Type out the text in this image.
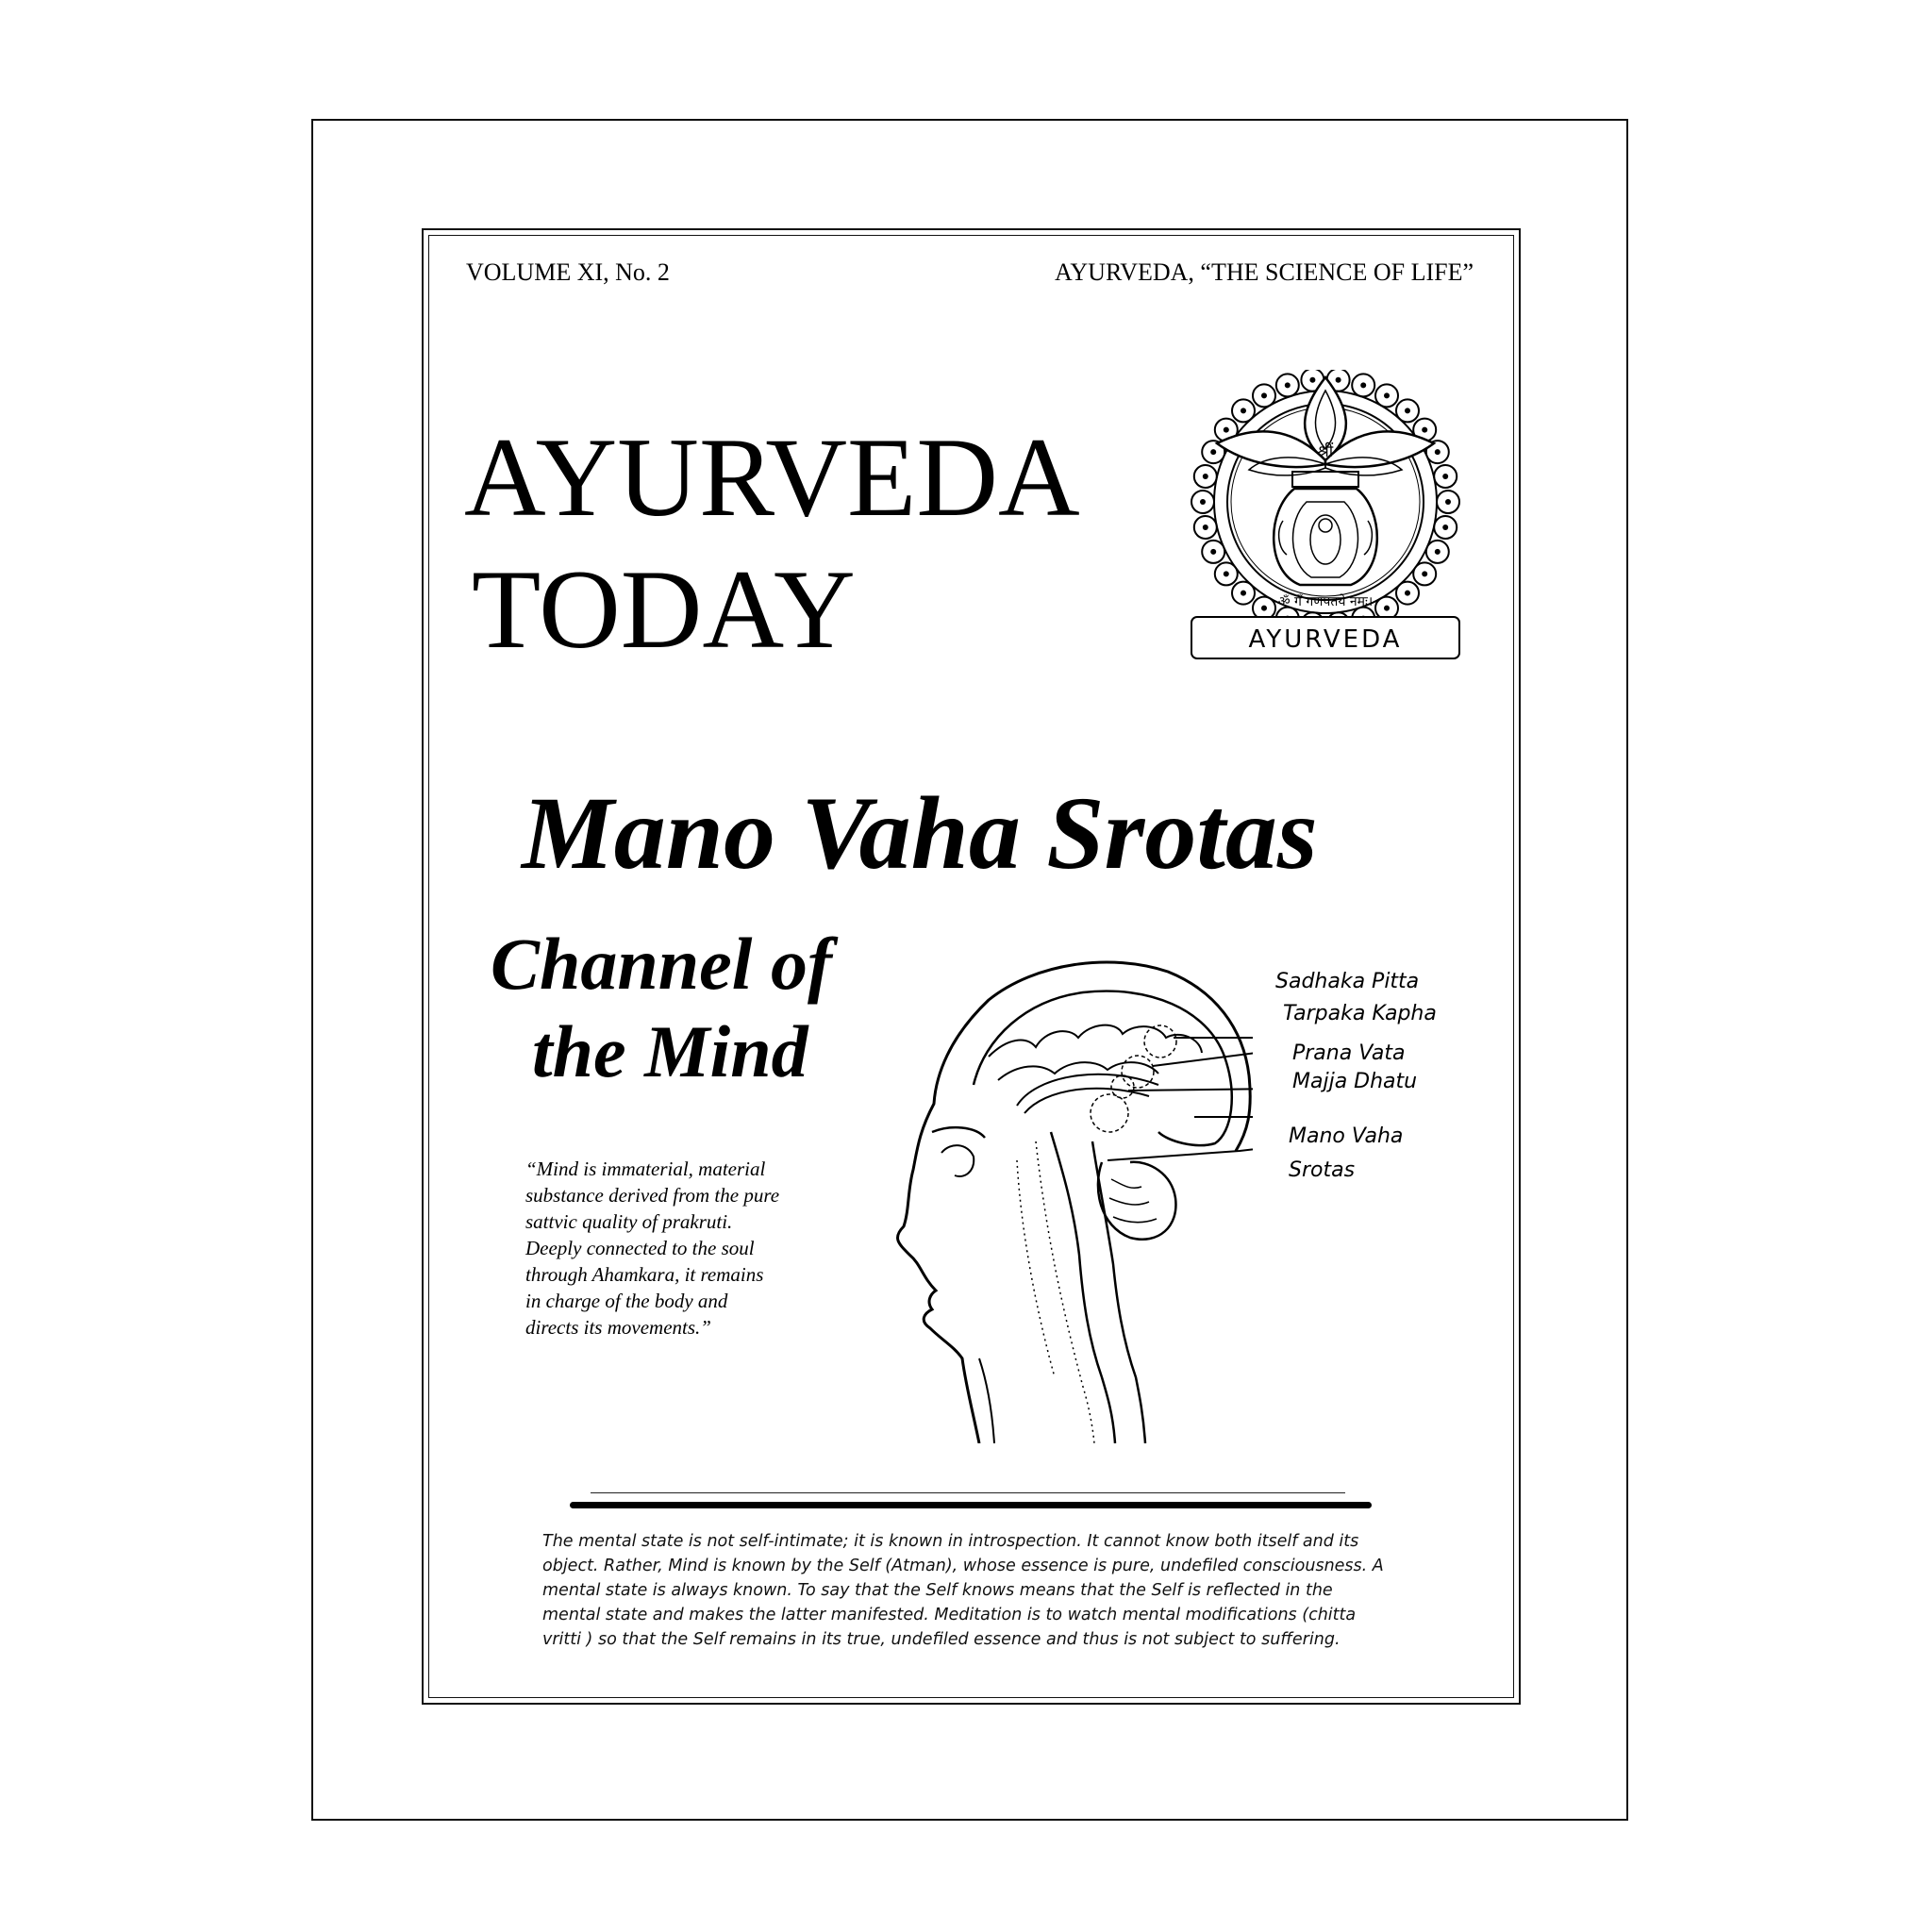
VOLUME XI, No. 2	AYURVEDA, “THE SCIENCE OF LIFE”
AYURVEDA
TODAY
श्रीं
ॐ गँ गणपतये नमः।
AYURVEDA
Mano Vaha Srotas
Channel of
the Mind
“Mind is immaterial, material
substance derived from the pure
sattvic quality of prakruti.
Deeply connected to the soul
through Ahamkara, it remains
in charge of the body and
directs its movements.”
Sadhaka Pitta
Tarpaka Kapha
Prana Vata
Majja Dhatu
Mano Vaha
Srotas
The mental state is not self-intimate; it is known in introspection. It cannot know both itself and its
object. Rather, Mind is known by the Self (Atman), whose essence is pure, undefiled consciousness. A
mental state is always known. To say that the Self knows means that the Self is reflected in the
mental state and makes the latter manifested. Meditation is to watch mental modifications (chitta
vritti ) so that the Self remains in its true, undefiled essence and thus is not subject to suffering.
